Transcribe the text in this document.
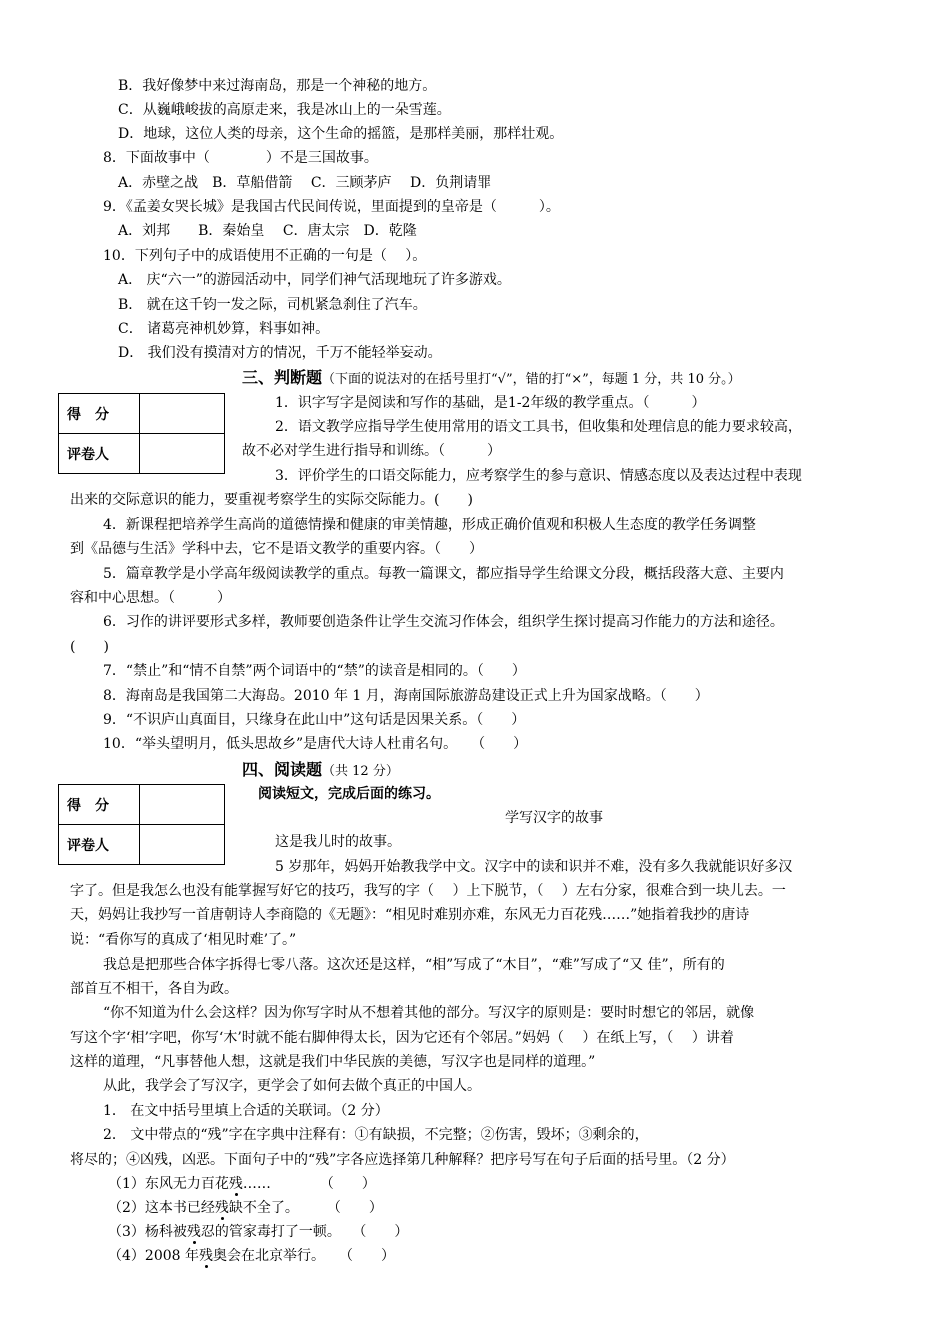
B．我好像梦中来过海南岛，那是一个神秘的地方。
C．从巍峨峻拔的高原走来，我是冰山上的一朵雪莲。
D．地球，这位人类的母亲，这个生命的摇篮，是那样美丽，那样壮观。
8．下面故事中（　　　　）不是三国故事。
A．赤壁之战　B．草船借箭　 C．三顾茅庐　 D．负荆请罪
9．《孟姜女哭长城》是我国古代民间传说，里面提到的皇帝是（　　　）。
A．刘邦　　B．秦始皇　 C．唐太宗　D．乾隆
10．下列句子中的成语使用不正确的一句是（　 ）。
A． 庆“六一”的游园活动中，同学们神气活现地玩了许多游戏。
B． 就在这千钧一发之际，司机紧急刹住了汽车。
C． 诸葛亮神机妙算，料事如神。
D． 我们没有摸清对方的情况，千万不能轻举妄动。
三、判断题（下面的说法对的在括号里打“√”，错的打“×”，每题 1 分，共 10 分。）
得　分	
评卷人	
1．识字写字是阅读和写作的基础，是1-2年级的教学重点。（　　　）
2．语文教学应指导学生使用常用的语文工具书，但收集和处理信息的能力要求较高，
故不必对学生进行指导和训练。（　　　）
3．评价学生的口语交际能力，应考察学生的参与意识、情感态度以及表达过程中表现
出来的交际意识的能力，要重视考察学生的实际交际能力。(　　)
4．新课程把培养学生高尚的道德情操和健康的审美情趣，形成正确价值观和积极人生态度的教学任务调整
到《品德与生活》学科中去，它不是语文教学的重要内容。（　　）
5．篇章教学是小学高年级阅读教学的重点。每教一篇课文，都应指导学生给课文分段，概括段落大意、主要内
容和中心思想。（　　　）
6．习作的讲评要形式多样，教师要创造条件让学生交流习作体会，组织学生探讨提高习作能力的方法和途径。
(　　)
7．“禁止”和“情不自禁”两个词语中的“禁”的读音是相同的。（　　）
8．海南岛是我国第二大海岛。2010 年 1 月，海南国际旅游岛建设正式上升为国家战略。（　　）
9．“不识庐山真面目，只缘身在此山中”这句话是因果关系。（　　）
10．“举头望明月，低头思故乡”是唐代大诗人杜甫名句。　　（　　）
四、阅读题（共 12 分）
得　分	
评卷人	
阅读短文，完成后面的练习。
学写汉字的故事
这是我儿时的故事。
5 岁那年，妈妈开始教我学中文。汉字中的读和识并不难，没有多久我就能识好多汉
字了。但是我怎么也没有能掌握写好它的技巧，我写的字（　 ）上下脱节，（　 ）左右分家，很难合到一块儿去。一
天，妈妈让我抄写一首唐朝诗人李商隐的《无题》：“相见时难别亦难，东风无力百花残……”她指着我抄的唐诗
说：“看你写的真成了‘相见时难’了。”
我总是把那些合体字拆得七零八落。这次还是这样，“相”写成了“木目”，“难”写成了“又 佳”，所有的
部首互不相干，各自为政。
“你不知道为什么会这样？因为你写字时从不想着其他的部分。写汉字的原则是：要时时想它的邻居，就像
写这个字‘相’字吧，你写‘木’时就不能右脚伸得太长，因为它还有个邻居。”妈妈（　 ）在纸上写，（　 ）讲着
这样的道理，“凡事替他人想，这就是我们中华民族的美德，写汉字也是同样的道理。”
从此，我学会了写汉字，更学会了如何去做个真正的中国人。
1． 在文中括号里填上合适的关联词。（2 分）
2． 文中带点的“残”字在字典中注释有：①有缺损，不完整；②伤害，毁坏；③剩余的，
将尽的；④凶残，凶恶。下面句子中的“残”字各应选择第几种解释？把序号写在句子后面的括号里。（2 分）
（1）东风无力百花残……　　　　（　　）
（2）这本书已经残缺不全了。　　　（　　）
（3）杨科被残忍的管家毒打了一顿。　 （　　）
（4）2008 年残奥会在北京举行。　　（　　）
